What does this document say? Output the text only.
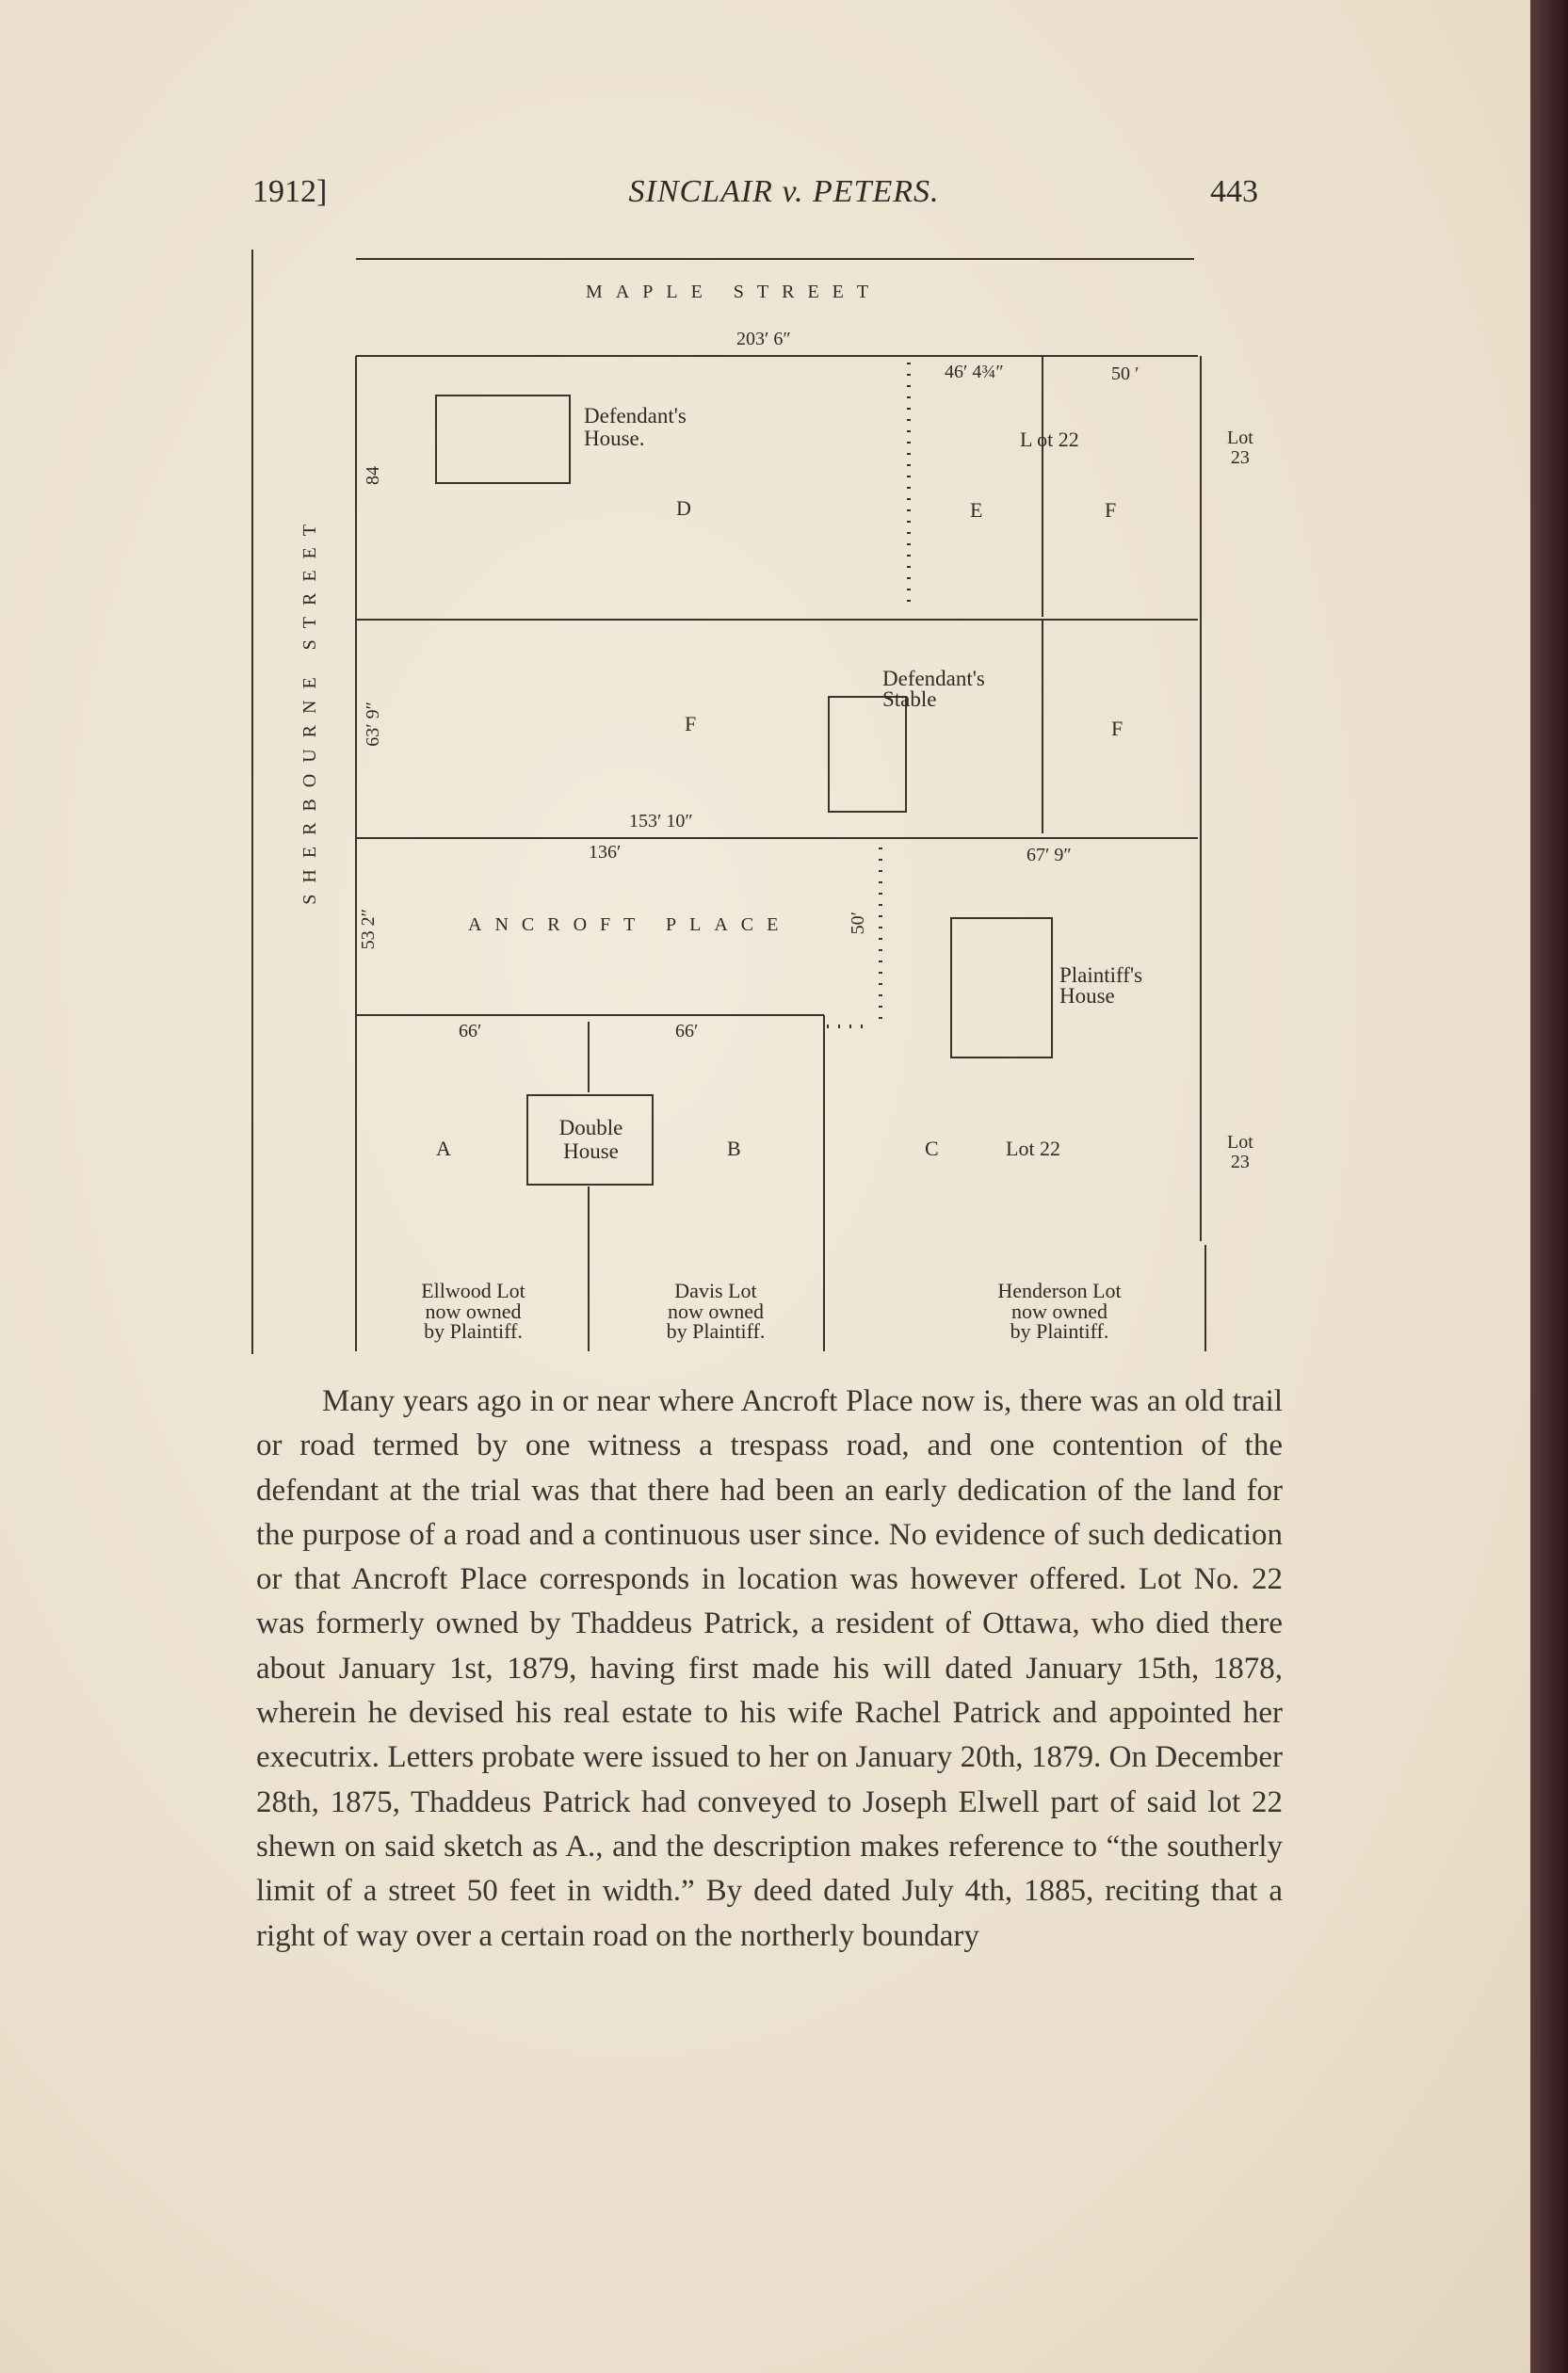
1912]	SINCLAIR v. PETERS.	443
MAPLE STREET
203′ 6″
46′ 4¾″	50 ′
SHERBOURNE STREET
84
63′ 9″
53 2″	50′
Defendant's
House.	L ot 22	Lot
23
D	E	F
Defendant's
Stable
F	F
153′ 10″
136′	67′ 9″
ANCROFT PLACE
Plaintiff's
House
66′	66′
Double
House
A	B	C	Lot 22	Lot
23
Ellwood Lot
now owned
by Plaintiff.
Davis Lot
now owned
by Plaintiff.
Henderson Lot
now owned
by Plaintiff.

Many years ago in or near where Ancroft Place now is, there was an old trail or road termed by one witness a trespass road, and one contention of the defendant at the trial was that there had been an early dedication of the land for the purpose of a road and a continuous user since. No evidence of such dedication or that Ancroft Place corresponds in location was however offered. Lot No. 22 was formerly owned by Thaddeus Patrick, a resident of Ottawa, who died there about January 1st, 1879, having first made his will dated January 15th, 1878, wherein he devised his real estate to his wife Rachel Patrick and appointed her executrix. Letters probate were issued to her on January 20th, 1879. On December 28th, 1875, Thaddeus Patrick had conveyed to Joseph Elwell part of said lot 22 shewn on said sketch as A., and the description makes reference to “the southerly limit of a street 50 feet in width.” By deed dated July 4th, 1885, reciting that a right of way over a certain road on the northerly boundary
